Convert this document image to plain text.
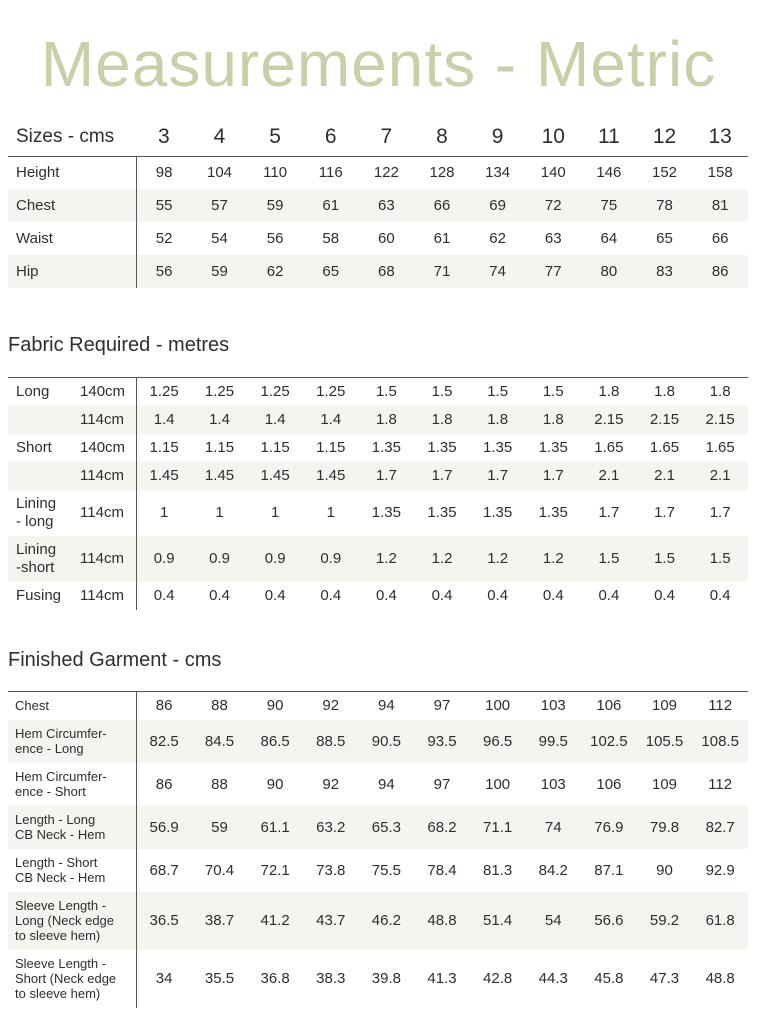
Measurements - Metric
Sizes - cms	3	4	5	6	7	8	9	10	11	12	13
Height	98	104	110	116	122	128	134	140	146	152	158
Chest	55	57	59	61	63	66	69	72	75	78	81
Waist	52	54	56	58	60	61	62	63	64	65	66
Hip	56	59	62	65	68	71	74	77	80	83	86
Fabric Required - metres
Long	140cm	1.25	1.25	1.25	1.25	1.5	1.5	1.5	1.5	1.8	1.8	1.8
	114cm	1.4	1.4	1.4	1.4	1.8	1.8	1.8	1.8	2.15	2.15	2.15
Short	140cm	1.15	1.15	1.15	1.15	1.35	1.35	1.35	1.35	1.65	1.65	1.65
	114cm	1.45	1.45	1.45	1.45	1.7	1.7	1.7	1.7	2.1	2.1	2.1
Lining
- long	114cm	1	1	1	1	1.35	1.35	1.35	1.35	1.7	1.7	1.7
Lining
-short	114cm	0.9	0.9	0.9	0.9	1.2	1.2	1.2	1.2	1.5	1.5	1.5
Fusing	114cm	0.4	0.4	0.4	0.4	0.4	0.4	0.4	0.4	0.4	0.4	0.4
Finished Garment - cms
Chest	86	88	90	92	94	97	100	103	106	109	112
Hem Circumfer-
ence - Long	82.5	84.5	86.5	88.5	90.5	93.5	96.5	99.5	102.5	105.5	108.5
Hem Circumfer-
ence - Short	86	88	90	92	94	97	100	103	106	109	112
Length - Long
CB Neck - Hem	56.9	59	61.1	63.2	65.3	68.2	71.1	74	76.9	79.8	82.7
Length - Short
CB Neck - Hem	68.7	70.4	72.1	73.8	75.5	78.4	81.3	84.2	87.1	90	92.9
Sleeve Length -
Long (Neck edge
to sleeve hem)	36.5	38.7	41.2	43.7	46.2	48.8	51.4	54	56.6	59.2	61.8
Sleeve Length -
Short (Neck edge
to sleeve hem)	34	35.5	36.8	38.3	39.8	41.3	42.8	44.3	45.8	47.3	48.8
